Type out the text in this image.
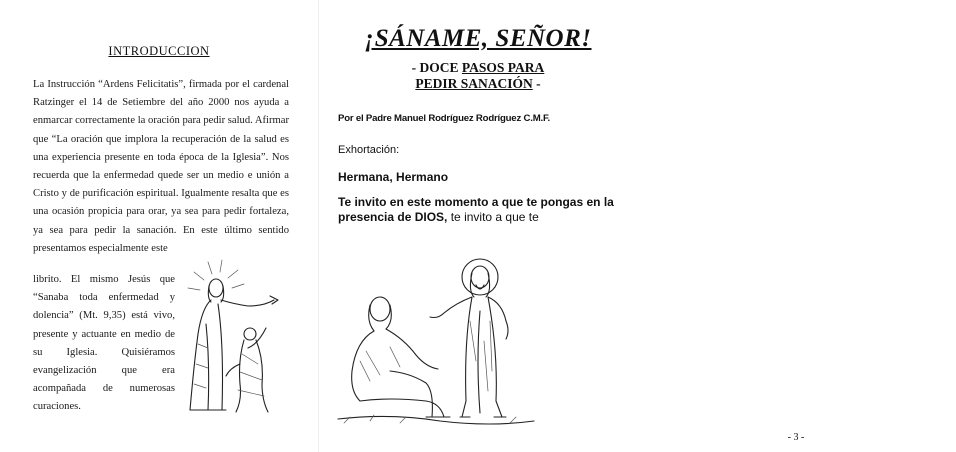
INTRODUCCION

La Instrucción “Ardens Felicitatis”, firmada por el cardenal Ratzinger el 14 de Setiembre del año 2000 nos ayuda a enmarcar correctamente la oración para pedir salud. Afirmar que “La oración que implora la recuperación de la salud es una experiencia presente en toda época de la Iglesia”. Nos recuerda que la enfermedad quede ser un medio e unión a Cristo y de purificación espiritual. Igualmente resalta que es una ocasión propicia para orar, ya sea para pedir fortaleza, ya sea para pedir la sanación. En este último sentido presentamos especialmente este

librito. El mismo Jesús que “Sanaba toda enfermedad y dolencia” (Mt. 9,35) está vivo, presente y actuante en medio de su Iglesia. Quisiéramos evangelización que era acompañada de numerosas curaciones.

¡SÁNAME, SEÑOR!
- DOCE PASOS PARA
PEDIR SANACIÓN -
Por el Padre Manuel Rodríguez Rodríguez C.M.F.
Exhortación:
Hermana, Hermano

Te invito en este momento a que te pongas en la presencia de DIOS, te invito a que te

- 3 -
